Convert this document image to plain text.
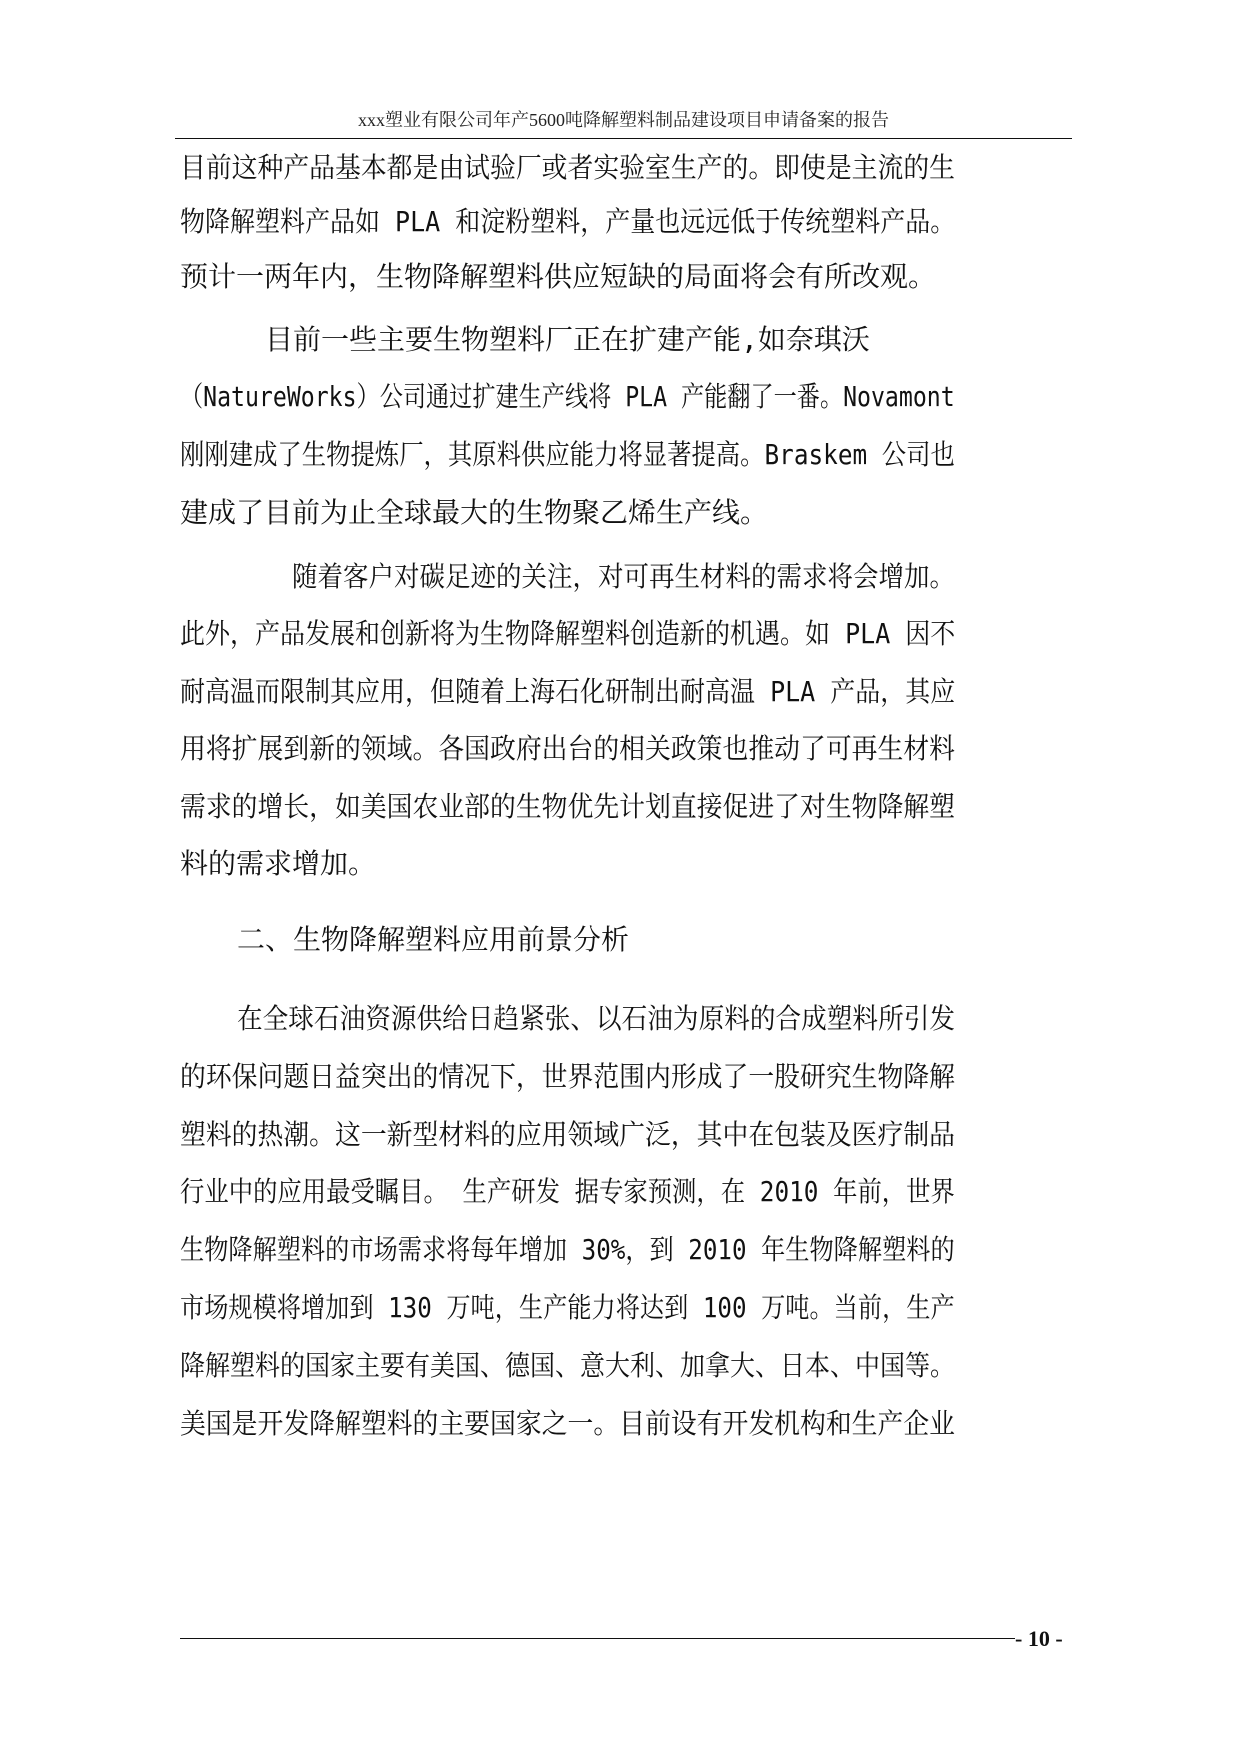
xxx塑业有限公司年产5600吨降解塑料制品建设项目申请备案的报告
目前这种产品基本都是由试验厂或者实验室生产的。即使是主流的生
物降解塑料产品如 PLA 和淀粉塑料，产量也远远低于传统塑料产品。
预计一两年内，生物降解塑料供应短缺的局面将会有所改观。
目前一些主要生物塑料厂正在扩建产能,如奈琪沃
（NatureWorks）公司通过扩建生产线将 PLA 产能翻了一番。Novamont
刚刚建成了生物提炼厂，其原料供应能力将显著提高。Braskem 公司也
建成了目前为止全球最大的生物聚乙烯生产线。
随着客户对碳足迹的关注，对可再生材料的需求将会增加。
此外，产品发展和创新将为生物降解塑料创造新的机遇。如 PLA 因不
耐高温而限制其应用，但随着上海石化研制出耐高温 PLA 产品，其应
用将扩展到新的领域。各国政府出台的相关政策也推动了可再生材料
需求的增长，如美国农业部的生物优先计划直接促进了对生物降解塑
料的需求增加。
二、生物降解塑料应用前景分析
在全球石油资源供给日趋紧张、以石油为原料的合成塑料所引发
的环保问题日益突出的情况下，世界范围内形成了一股研究生物降解
塑料的热潮。这一新型材料的应用领域广泛，其中在包装及医疗制品
行业中的应用最受瞩目。 生产研发 据专家预测，在 2010 年前，世界
生物降解塑料的市场需求将每年增加 30%，到 2010 年生物降解塑料的
市场规模将增加到 130 万吨，生产能力将达到 100 万吨。当前，生产
降解塑料的国家主要有美国、德国、意大利、加拿大、日本、中国等。
美国是开发降解塑料的主要国家之一。目前设有开发机构和生产企业
- 10 -
